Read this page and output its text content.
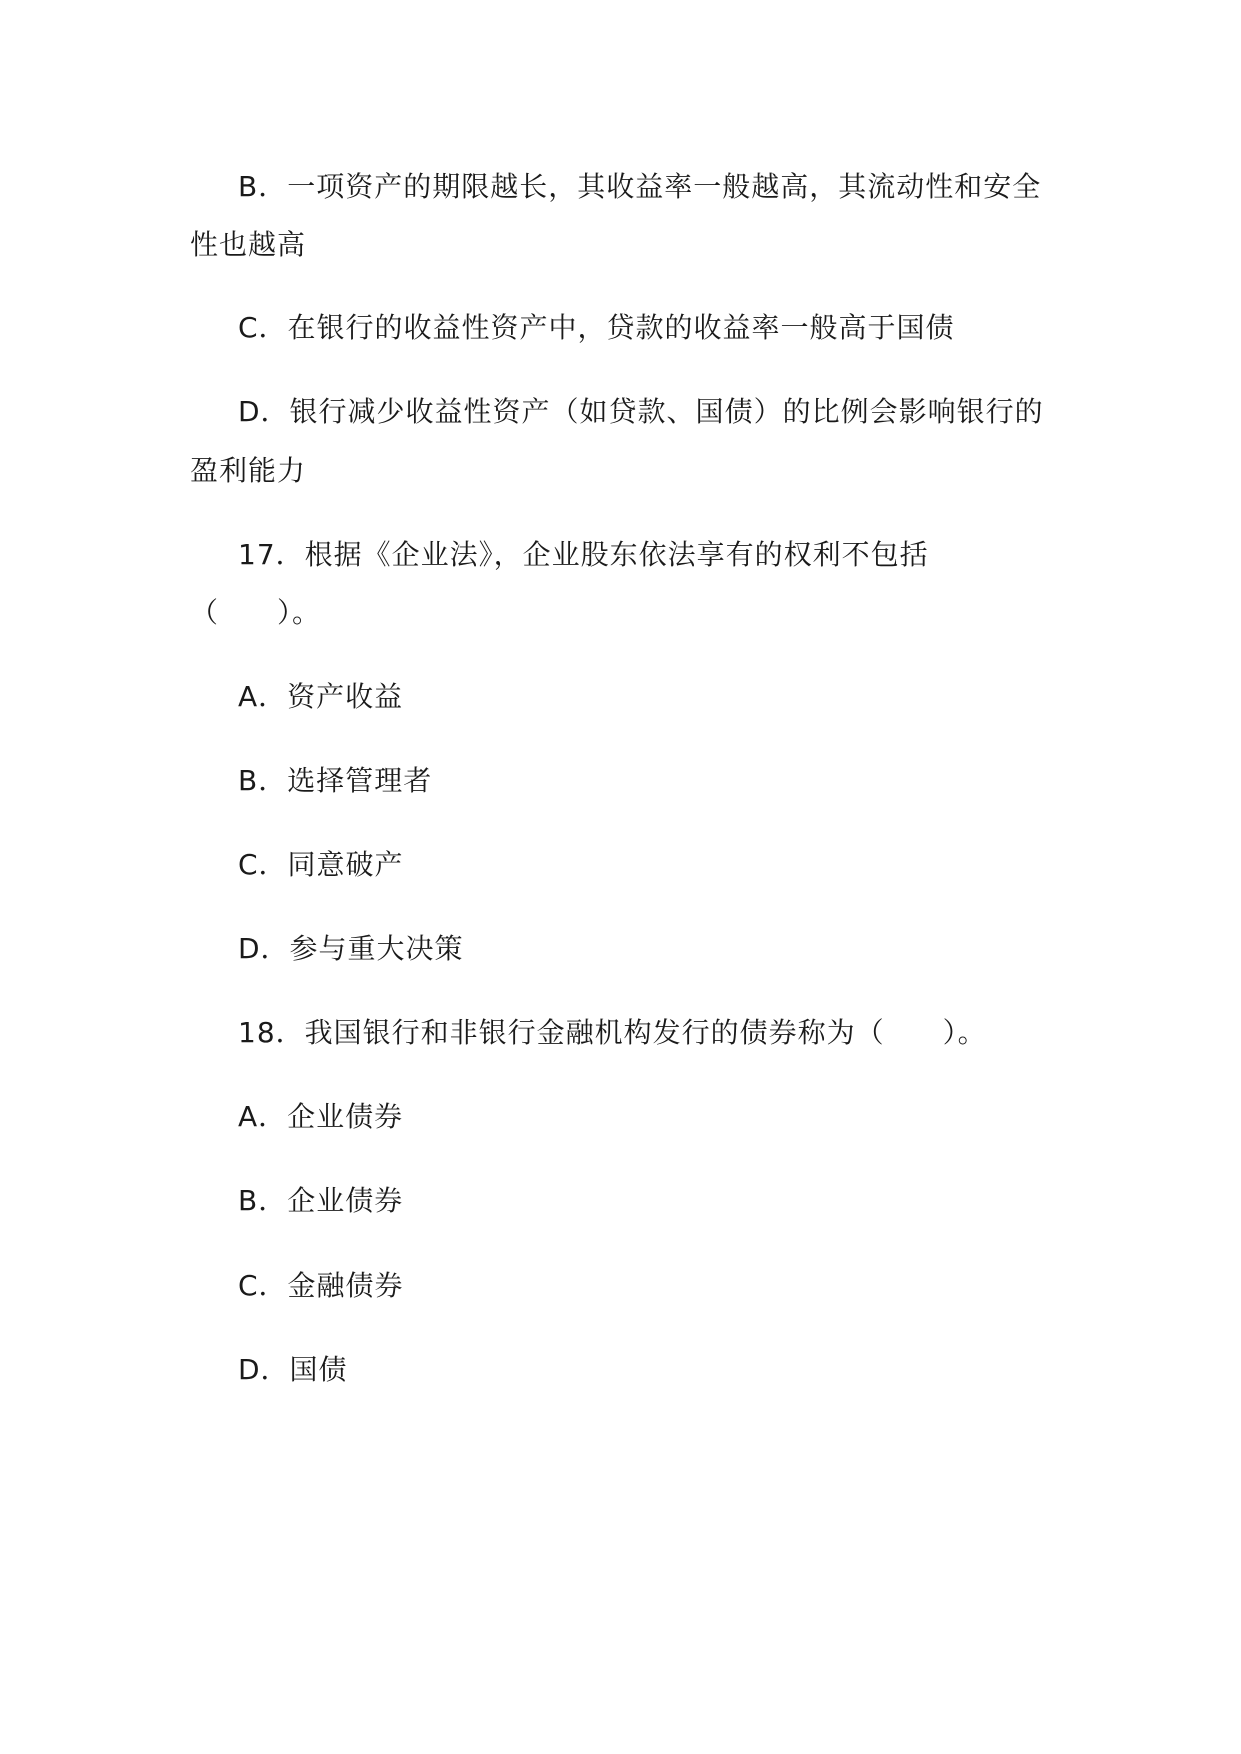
B．一项资产的期限越长，其收益率一般越高，其流动性和安全
性也越高
C．在银行的收益性资产中，贷款的收益率一般高于国债
D．银行减少收益性资产（如贷款、国债）的比例会影响银行的
盈利能力
17．根据《企业法》，企业股东依法享有的权利不包括
（　　）。
A．资产收益
B．选择管理者
C．同意破产
D．参与重大决策
18．我国银行和非银行金融机构发行的债券称为（　　）。
A．企业债券
B．企业债券
C．金融债券
D．国债
